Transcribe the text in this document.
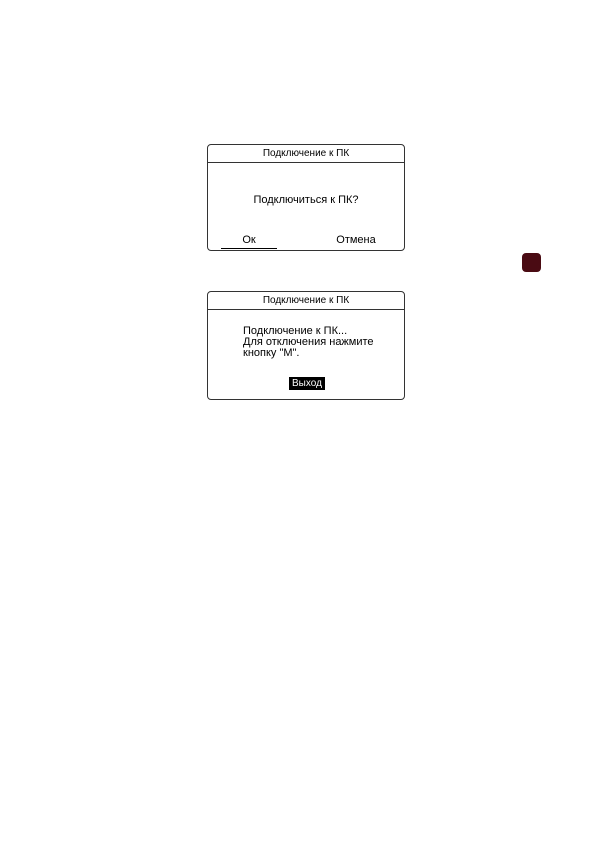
Подключение к ПК
Подключиться к ПК?
Ок	Отмена
Подключение к ПК
Подключение к ПК...
Для отключения нажмите
кнопку "М".
Выход
